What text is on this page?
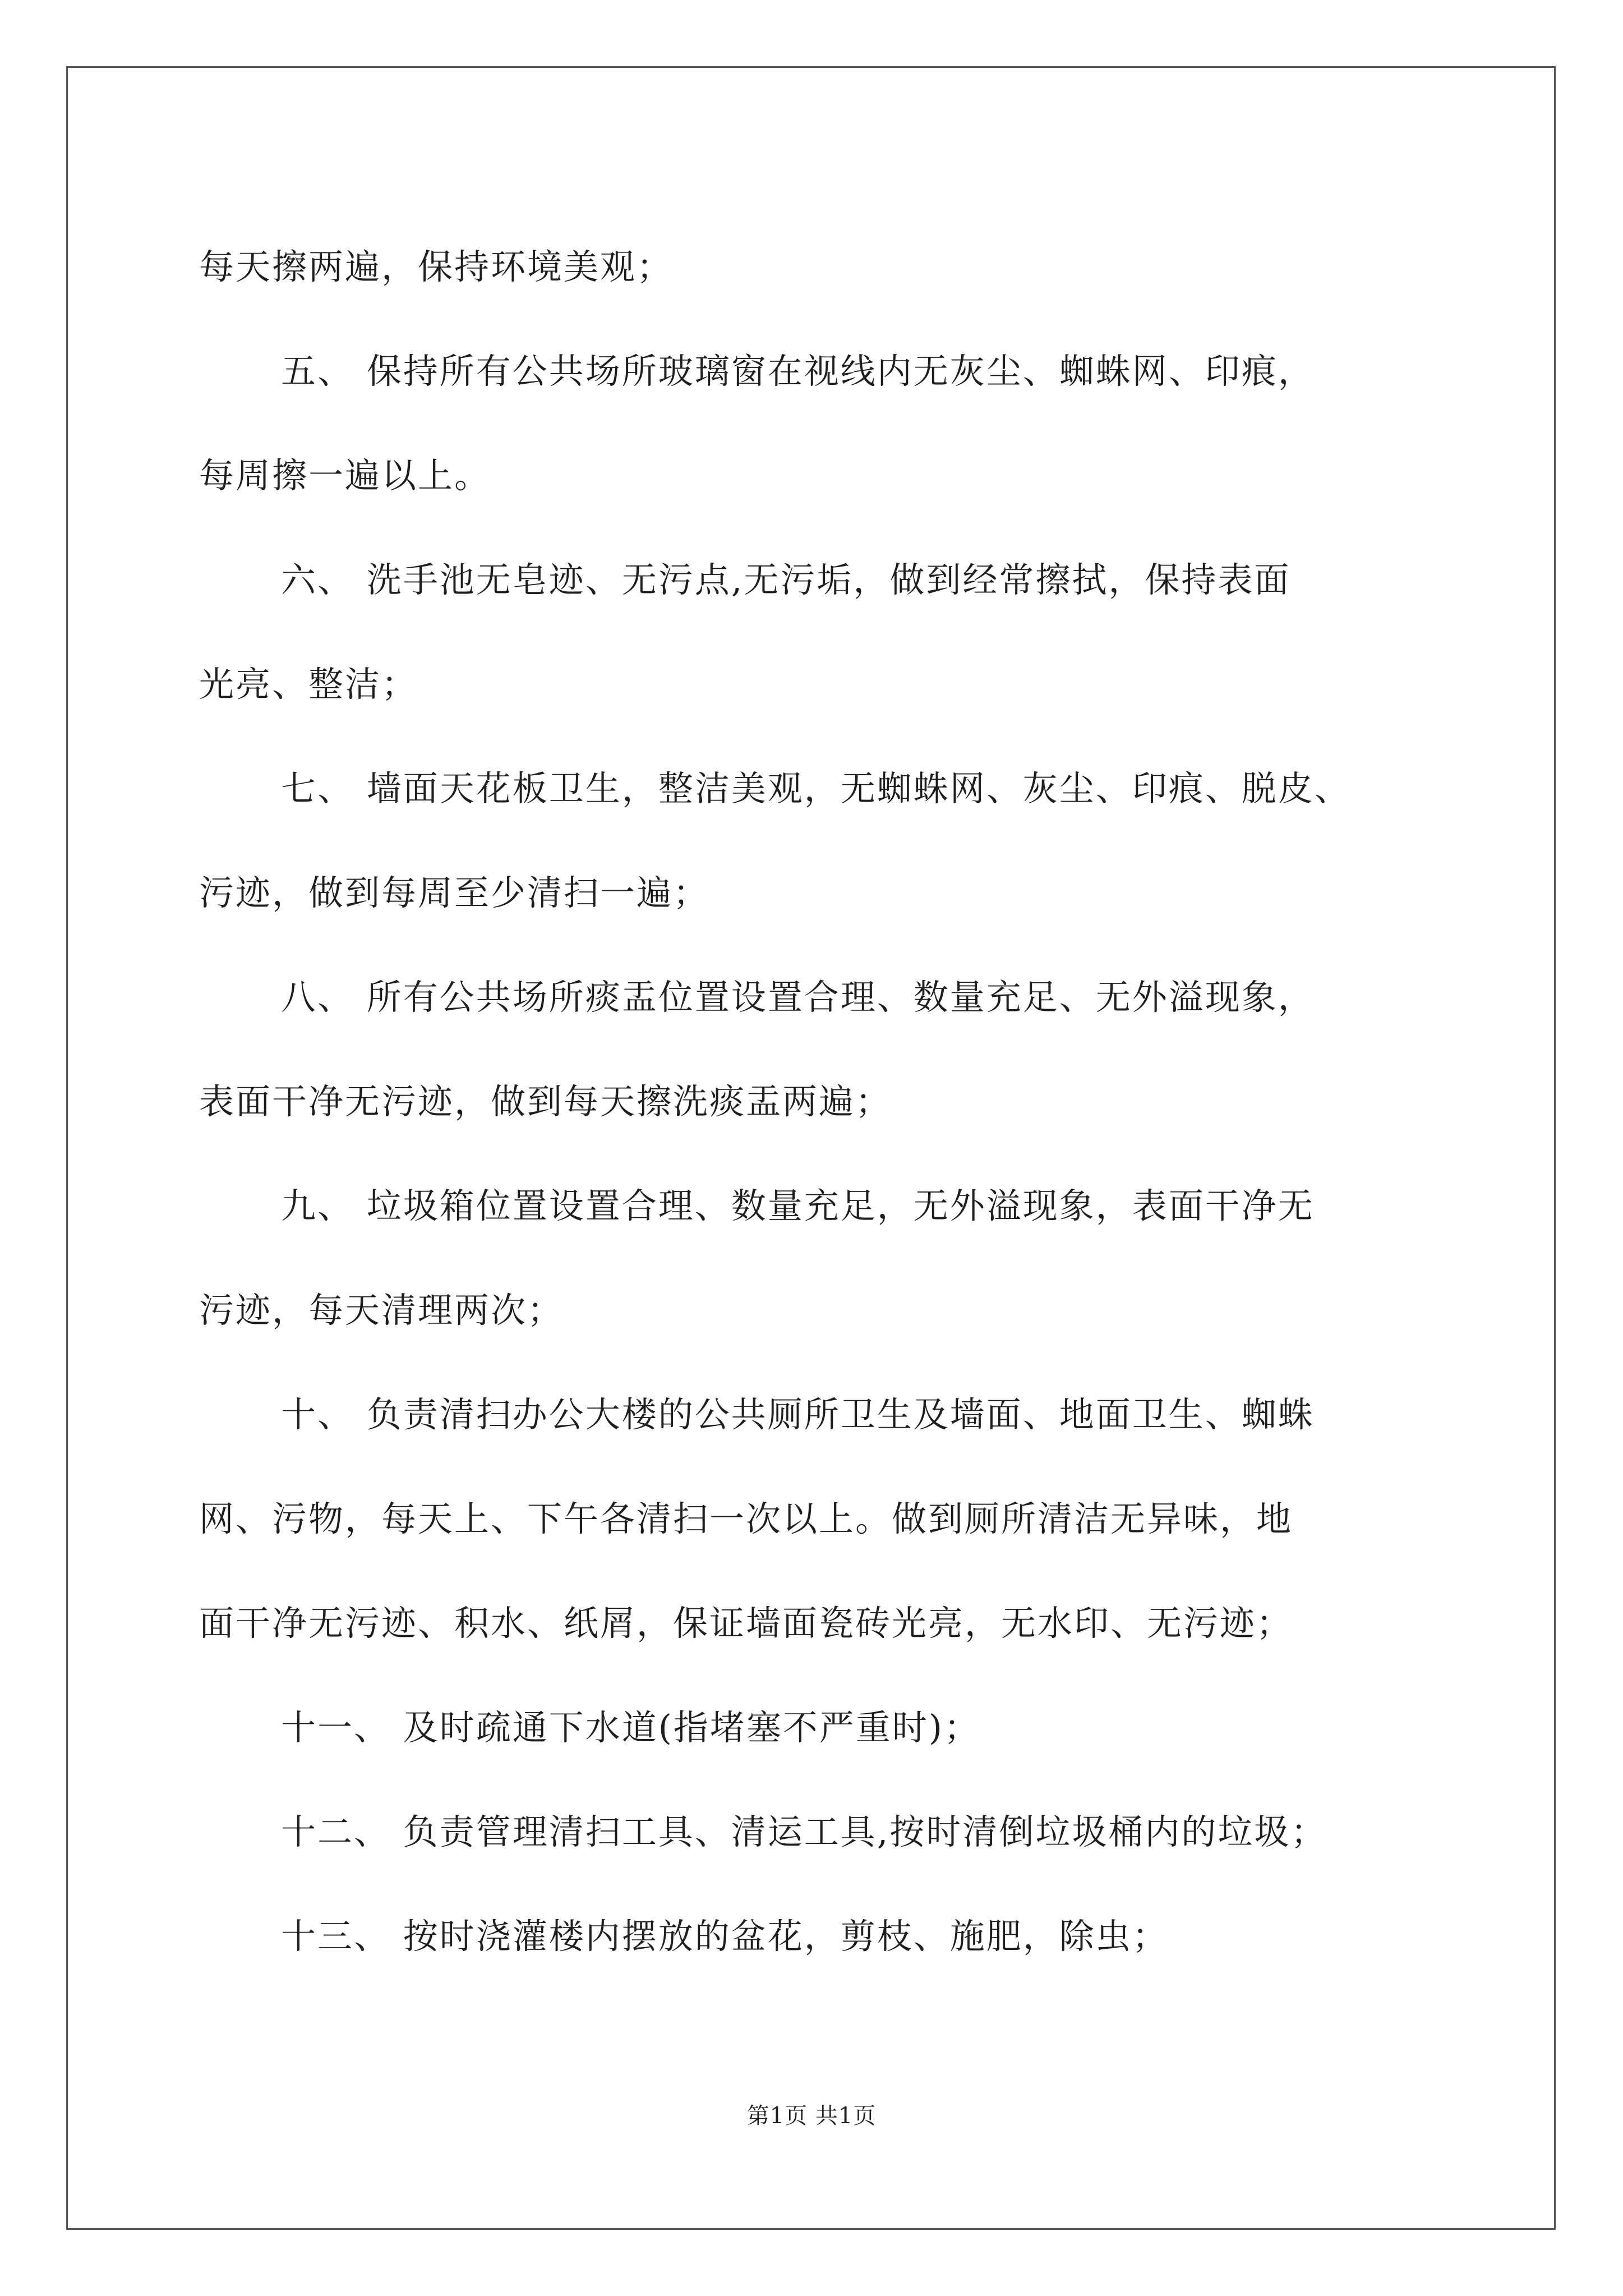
每天擦两遍，保持环境美观；

五、 保持所有公共场所玻璃窗在视线内无灰尘、蜘蛛网、印痕，

每周擦一遍以上。

六、 洗手池无皂迹、无污点,无污垢，做到经常擦拭，保持表面

光亮、整洁；

七、 墙面天花板卫生，整洁美观，无蜘蛛网、灰尘、印痕、脱皮、

污迹，做到每周至少清扫一遍；

八、 所有公共场所痰盂位置设置合理、数量充足、无外溢现象，

表面干净无污迹，做到每天擦洗痰盂两遍；

九、 垃圾箱位置设置合理、数量充足，无外溢现象，表面干净无

污迹，每天清理两次；

十、 负责清扫办公大楼的公共厕所卫生及墙面、地面卫生、蜘蛛

网、污物，每天上、下午各清扫一次以上。做到厕所清洁无异味，地

面干净无污迹、积水、纸屑，保证墙面瓷砖光亮，无水印、无污迹；

十一、 及时疏通下水道(指堵塞不严重时)；

十二、 负责管理清扫工具、清运工具,按时清倒垃圾桶内的垃圾；

十三、 按时浇灌楼内摆放的盆花，剪枝、施肥，除虫；

第1页 共1页
